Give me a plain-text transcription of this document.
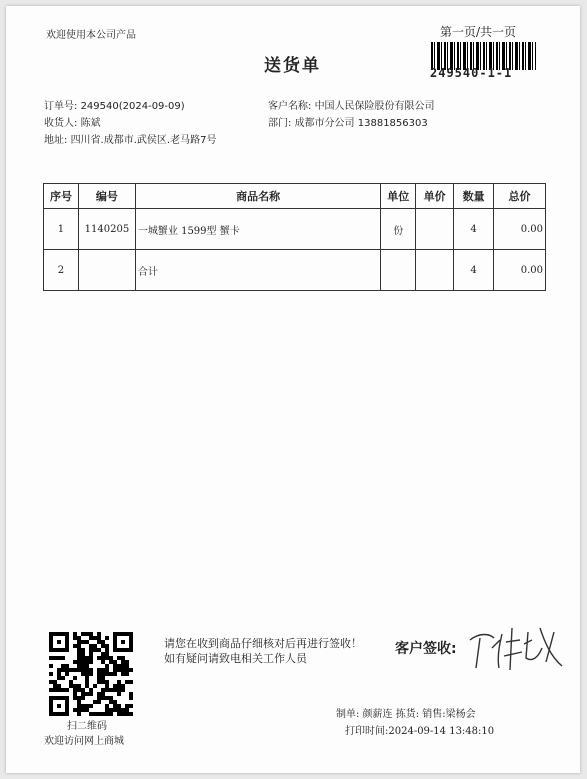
欢迎使用本公司产品	第一页/共一页
送货单	249540-1-1
订单号: 249540(2024-09-09)
收货人: 陈斌
地址: 四川省.成都市.武侯区.老马路7号
客户名称: 中国人民保险股份有限公司
部门: 成都市分公司 13881856303
序号	编号	商品名称	单位	单价	数量	总价
1	1140205	一城蟹业 1599型 蟹卡	份		4	0.00
2		合计			4	0.00
扫二维码
欢迎访问网上商城
请您在收到商品仔细核对后再进行签收！如有疑问请致电相关工作人员
客户签收:
制单: 颜薪连 拣货: 销售:梁杨会
打印时间:2024-09-14 13:48:10
